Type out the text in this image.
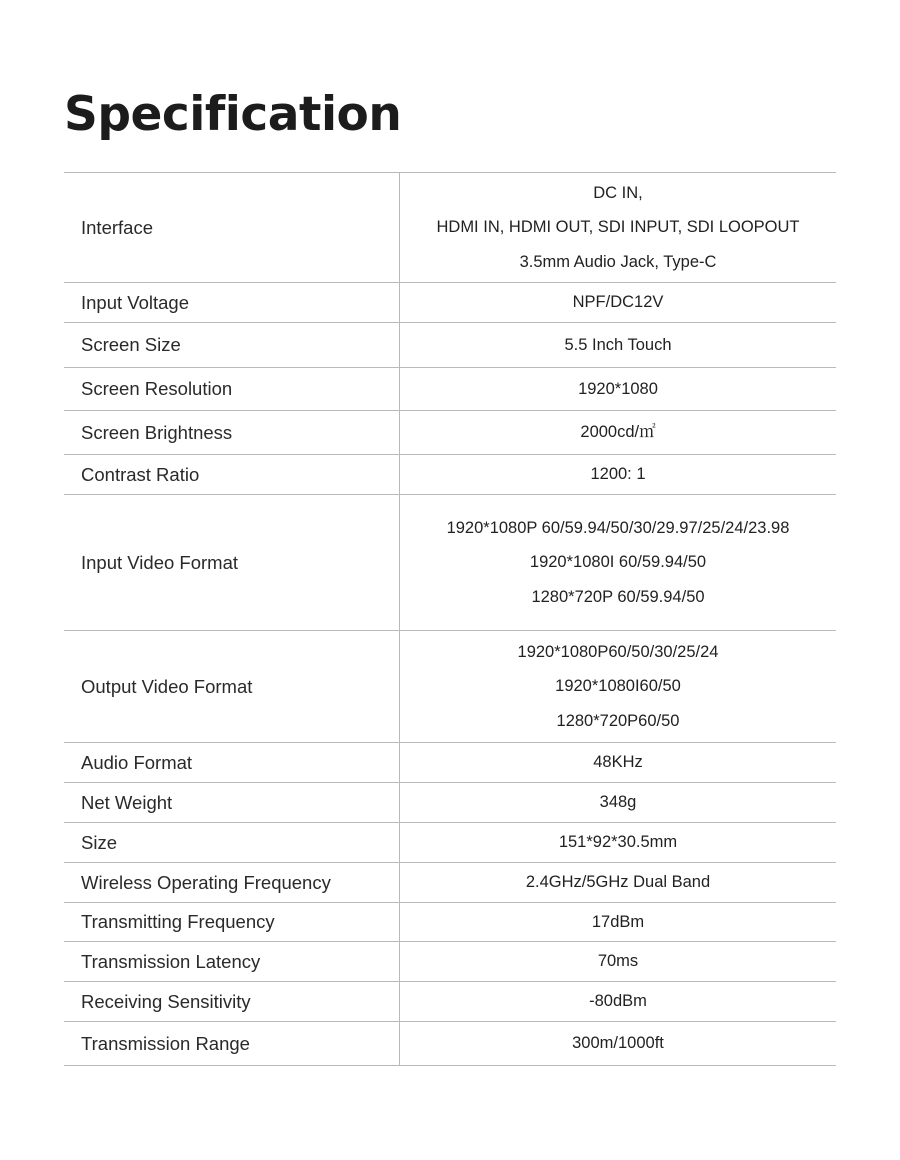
Specification
Interface	DC IN,
HDMI IN, HDMI OUT, SDI INPUT, SDI LOOPOUT
3.5mm Audio Jack, Type-C

Input Voltage	NPF/DC12V

Screen Size	5.5 Inch Touch

Screen Resolution	1920*1080

Screen Brightness	2000cd/㎡

Contrast Ratio	1200: 1

Input Video Format	1920*1080P 60/59.94/50/30/29.97/25/24/23.98
1920*1080I 60/59.94/50
1280*720P 60/59.94/50

Output Video Format	1920*1080P60/50/30/25/24
1920*1080I60/50
1280*720P60/50

Audio Format	48KHz

Net Weight	348g

Size	151*92*30.5mm

Wireless Operating Frequency	2.4GHz/5GHz Dual Band

Transmitting Frequency	17dBm

Transmission Latency	70ms

Receiving Sensitivity	-80dBm

Transmission Range	300m/1000ft
